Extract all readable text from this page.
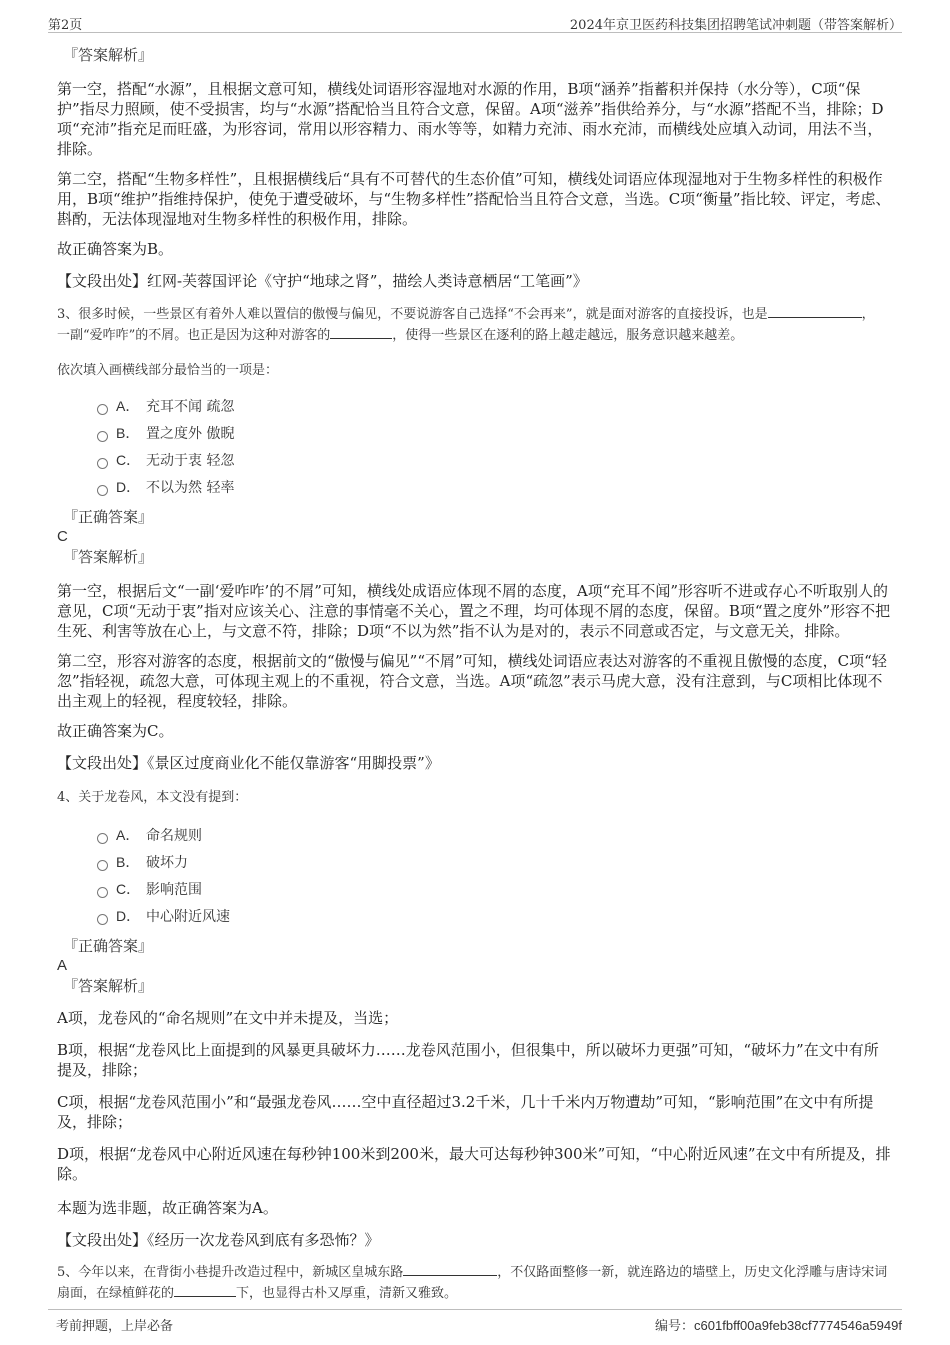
第2页	2024年京卫医药科技集团招聘笔试冲刺题（带答案解析）

『答案解析』

第一空，搭配“水源”，且根据文意可知，横线处词语形容湿地对水源的作用，B项“涵养”指蓄积并保持（水分等），C项“保护”指尽力照顾，使不受损害，均与“水源”搭配恰当且符合文意，保留。A项“滋养”指供给养分，与“水源”搭配不当，排除；D项“充沛”指充足而旺盛，为形容词，常用以形容精力、雨水等等，如精力充沛、雨水充沛，而横线处应填入动词，用法不当，排除。

第二空，搭配“生物多样性”，且根据横线后“具有不可替代的生态价值”可知，横线处词语应体现湿地对于生物多样性的积极作用，B项“维护”指维持保护，使免于遭受破坏，与“生物多样性”搭配恰当且符合文意，当选。C项“衡量”指比较、评定，考虑、斟酌，无法体现湿地对生物多样性的积极作用，排除。

故正确答案为B。

【文段出处】红网-芙蓉国评论《守护“地球之肾”，描绘人类诗意栖居“工笔画”》

3、很多时候，一些景区有着外人难以置信的傲慢与偏见，不要说游客自己选择“不会再来”，就是面对游客的直接投诉，也是	，
一副“爱咋咋”的不屑。也正是因为这种对游客的	，使得一些景区在逐利的路上越走越远，服务意识越来越差。

依次填入画横线部分最恰当的一项是：

A． 充耳不闻 疏忽
B． 置之度外 傲睨
C． 无动于衷 轻忽
D． 不以为然 轻率

『正确答案』

C

『答案解析』

第一空，根据后文“一副‘爱咋咋’的不屑”可知，横线处成语应体现不屑的态度，A项“充耳不闻”形容听不进或存心不听取别人的意见，C项“无动于衷”指对应该关心、注意的事情毫不关心，置之不理，均可体现不屑的态度，保留。B项“置之度外”形容不把生死、利害等放在心上，与文意不符，排除；D项“不以为然”指不认为是对的，表示不同意或否定，与文意无关，排除。

第二空，形容对游客的态度，根据前文的“傲慢与偏见”“不屑”可知，横线处词语应表达对游客的不重视且傲慢的态度，C项“轻忽”指轻视，疏忽大意，可体现主观上的不重视，符合文意，当选。A项“疏忽”表示马虎大意，没有注意到，与C项相比体现不出主观上的轻视，程度较轻，排除。

故正确答案为C。

【文段出处】《景区过度商业化不能仅靠游客“用脚投票”》

4、关于龙卷风，本文没有提到：

A． 命名规则
B． 破坏力
C． 影响范围
D． 中心附近风速

『正确答案』

A

『答案解析』

A项，龙卷风的“命名规则”在文中并未提及，当选；

B项，根据“龙卷风比上面提到的风暴更具破坏力……龙卷风范围小，但很集中，所以破坏力更强”可知，“破坏力”在文中有所提及，排除；

C项，根据“龙卷风范围小”和“最强龙卷风……空中直径超过3.2千米，几十千米内万物遭劫”可知，“影响范围”在文中有所提及，排除；

D项，根据“龙卷风中心附近风速在每秒钟100米到200米，最大可达每秒钟300米”可知，“中心附近风速”在文中有所提及，排除。

本题为选非题，故正确答案为A。

【文段出处】《经历一次龙卷风到底有多恐怖？》

5、今年以来，在背街小巷提升改造过程中，新城区皇城东路	，不仅路面整修一新，就连路边的墙壁上，历史文化浮雕与唐诗宋词扇面，在绿植鲜花的	下，也显得古朴又厚重，清新又雅致。

考前押题，上岸必备	编号：c601fbff00a9feb38cf7774546a5949f
